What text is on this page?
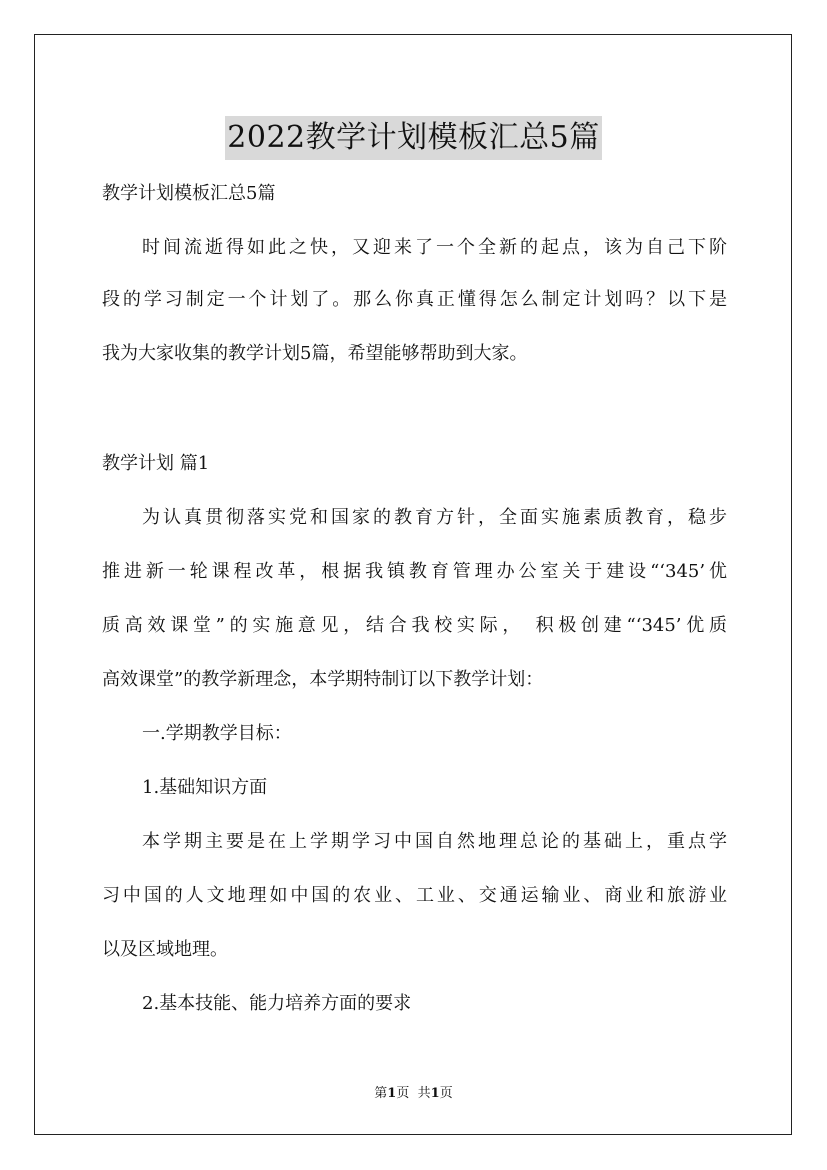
2022教学计划模板汇总5篇
教学计划模板汇总5篇
时间流逝得如此之快，又迎来了一个全新的起点，该为自己下阶
段的学习制定一个计划了。那么你真正懂得怎么制定计划吗？以下是
我为大家收集的教学计划5篇，希望能够帮助到大家。
教学计划 篇1
为认真贯彻落实党和国家的教育方针，全面实施素质教育，稳步
推进新一轮课程改革，根据我镇教育管理办公室关于建设“‘345’优
质高效课堂”的实施意见，结合我校实际， 积极创建“‘345’优质
高效课堂”的教学新理念，本学期特制订以下教学计划：
一.学期教学目标：
1.基础知识方面
本学期主要是在上学期学习中国自然地理总论的基础上，重点学
习中国的人文地理如中国的农业、工业、交通运输业、商业和旅游业
以及区域地理。
2.基本技能、能力培养方面的要求
第1页 共1页
